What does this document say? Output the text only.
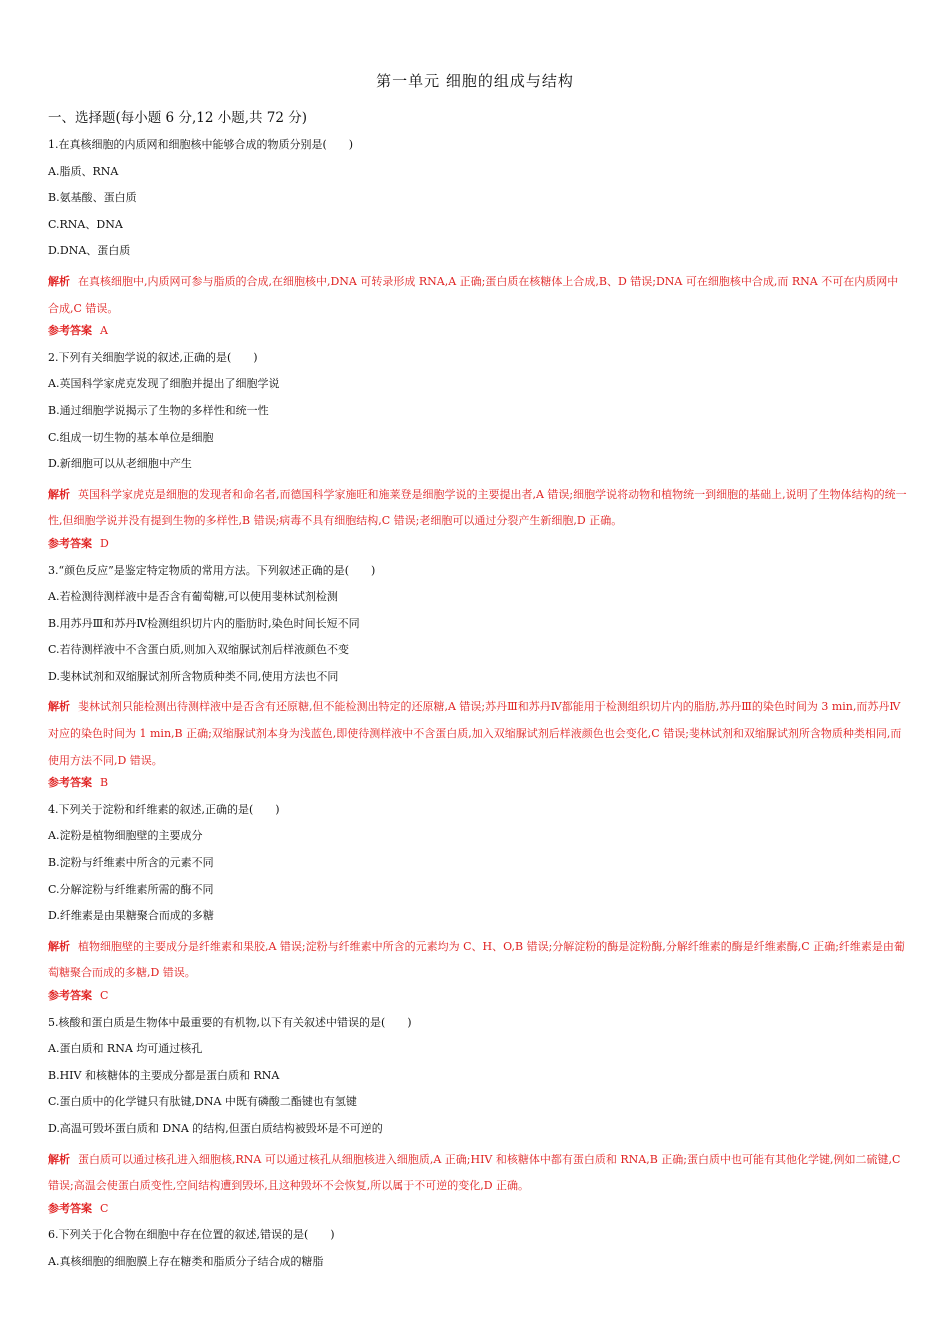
第一单元 细胞的组成与结构
一、选择题(每小题 6 分,12 小题,共 72 分)
1.在真核细胞的内质网和细胞核中能够合成的物质分别是(　　)
A.脂质、RNA
B.氨基酸、蛋白质
C.RNA、DNA
D.DNA、蛋白质

解析 在真核细胞中,内质网可参与脂质的合成,在细胞核中,DNA 可转录形成 RNA,A 正确;蛋白质在核糖体上合成,B、D 错误;DNA 可在细胞核中合成,而 RNA 不可在内质网中合成,C 错误。

参考答案 A
2.下列有关细胞学说的叙述,正确的是(　　)
A.英国科学家虎克发现了细胞并提出了细胞学说
B.通过细胞学说揭示了生物的多样性和统一性
C.组成一切生物的基本单位是细胞
D.新细胞可以从老细胞中产生

解析 英国科学家虎克是细胞的发现者和命名者,而德国科学家施旺和施莱登是细胞学说的主要提出者,A 错误;细胞学说将动物和植物统一到细胞的基础上,说明了生物体结构的统一性,但细胞学说并没有提到生物的多样性,B 错误;病毒不具有细胞结构,C 错误;老细胞可以通过分裂产生新细胞,D 正确。

参考答案 D
3.“颜色反应”是鉴定特定物质的常用方法。下列叙述正确的是(　　)
A.若检测待测样液中是否含有葡萄糖,可以使用斐林试剂检测
B.用苏丹Ⅲ和苏丹Ⅳ检测组织切片内的脂肪时,染色时间长短不同
C.若待测样液中不含蛋白质,则加入双缩脲试剂后样液颜色不变
D.斐林试剂和双缩脲试剂所含物质种类不同,使用方法也不同

解析 斐林试剂只能检测出待测样液中是否含有还原糖,但不能检测出特定的还原糖,A 错误;苏丹Ⅲ和苏丹Ⅳ都能用于检测组织切片内的脂肪,苏丹Ⅲ的染色时间为 3 min,而苏丹Ⅳ对应的染色时间为 1 min,B 正确;双缩脲试剂本身为浅蓝色,即使待测样液中不含蛋白质,加入双缩脲试剂后样液颜色也会变化,C 错误;斐林试剂和双缩脲试剂所含物质种类相同,而使用方法不同,D 错误。

参考答案 B
4.下列关于淀粉和纤维素的叙述,正确的是(　　)
A.淀粉是植物细胞壁的主要成分
B.淀粉与纤维素中所含的元素不同
C.分解淀粉与纤维素所需的酶不同
D.纤维素是由果糖聚合而成的多糖

解析 植物细胞壁的主要成分是纤维素和果胶,A 错误;淀粉与纤维素中所含的元素均为 C、H、O,B 错误;分解淀粉的酶是淀粉酶,分解纤维素的酶是纤维素酶,C 正确;纤维素是由葡萄糖聚合而成的多糖,D 错误。

参考答案 C
5.核酸和蛋白质是生物体中最重要的有机物,以下有关叙述中错误的是(　　)
A.蛋白质和 RNA 均可通过核孔
B.HIV 和核糖体的主要成分都是蛋白质和 RNA
C.蛋白质中的化学键只有肽键,DNA 中既有磷酸二酯键也有氢键
D.高温可毁坏蛋白质和 DNA 的结构,但蛋白质结构被毁坏是不可逆的

解析 蛋白质可以通过核孔进入细胞核,RNA 可以通过核孔从细胞核进入细胞质,A 正确;HIV 和核糖体中都有蛋白质和 RNA,B 正确;蛋白质中也可能有其他化学键,例如二硫键,C 错误;高温会使蛋白质变性,空间结构遭到毁坏,且这种毁坏不会恢复,所以属于不可逆的变化,D 正确。

参考答案 C
6.下列关于化合物在细胞中存在位置的叙述,错误的是(　　)
A.真核细胞的细胞膜上存在糖类和脂质分子结合成的糖脂
